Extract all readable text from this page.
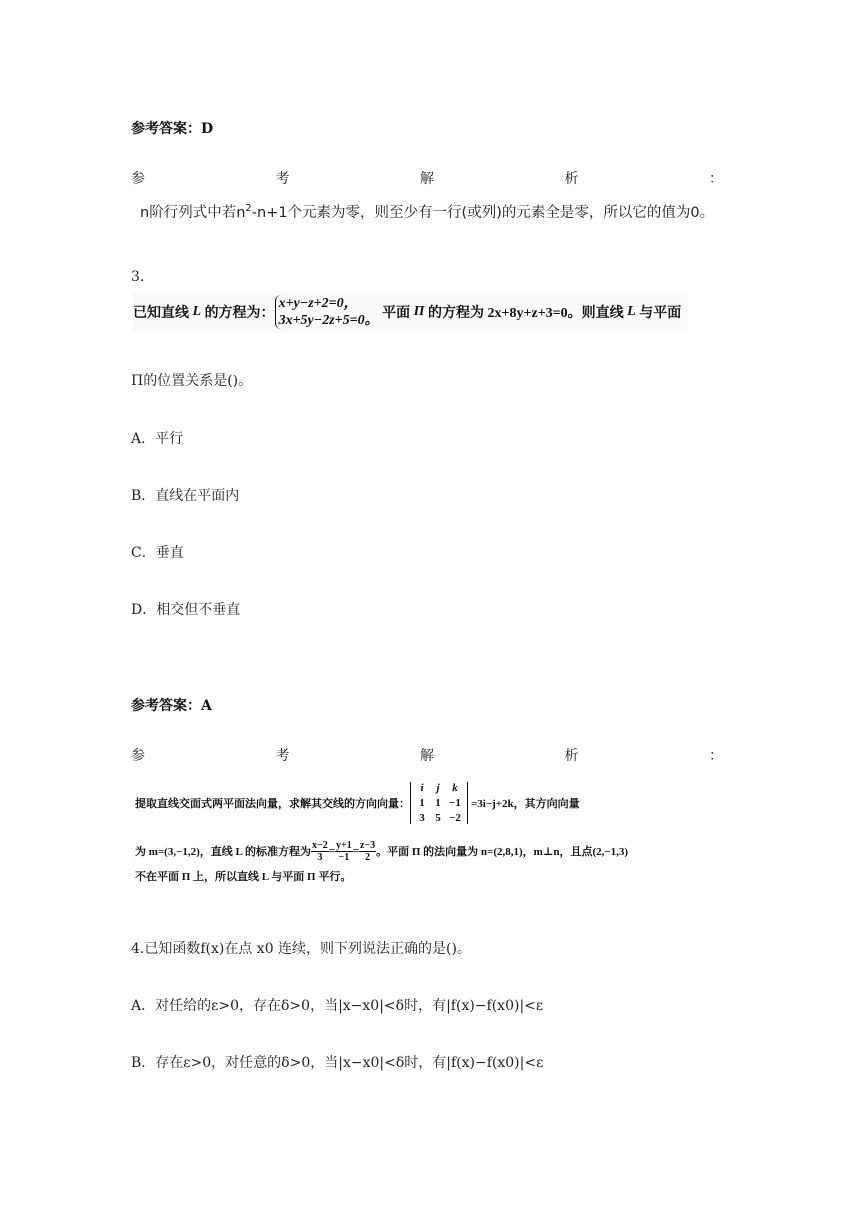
参考答案：D
参	考	解	析	：
n阶行列式中若$n^2-n+1$个元素为零，则至少有一行(或列)的元素全是零，所以它的值为0。
3.
已知直线
L
的方程为：
x+y−z+2=0，
3x+5y−2z+5=0。
平面
Π
的方程为 2x+8y+z+3=0。则直线
L
与平面
Π的位置关系是()。
A．平行
B．直线在平面内
C．垂直
D．相交但不垂直
参考答案：A
参	考	解	析	：
提取直线交面式两平面法向量，求解其交线的方向向量：
i	j	k
1 1 −1
3 5 −2
=3i−j+2k，其方向向量
为 m=(3,−1,2)，直线 L 的标准方程为 $\frac{x-2}{3} = \frac{y+1}{-1} = \frac{z-3}{2}$ 。平面 Π 的法向量为 n=(2,8,1)，m⊥n，且点(2,−1,3)
不在平面 Π 上，所以直线 L 与平面 Π 平行。
4.已知函数f(x)在点 x0 连续，则下列说法正确的是()。
A．对任给的ε>0，存在δ>0，当|x−x0|<δ时，有|f(x)−f(x0)|<ε
B．存在ε>0，对任意的δ>0，当|x−x0|<δ时，有|f(x)−f(x0)|<ε
